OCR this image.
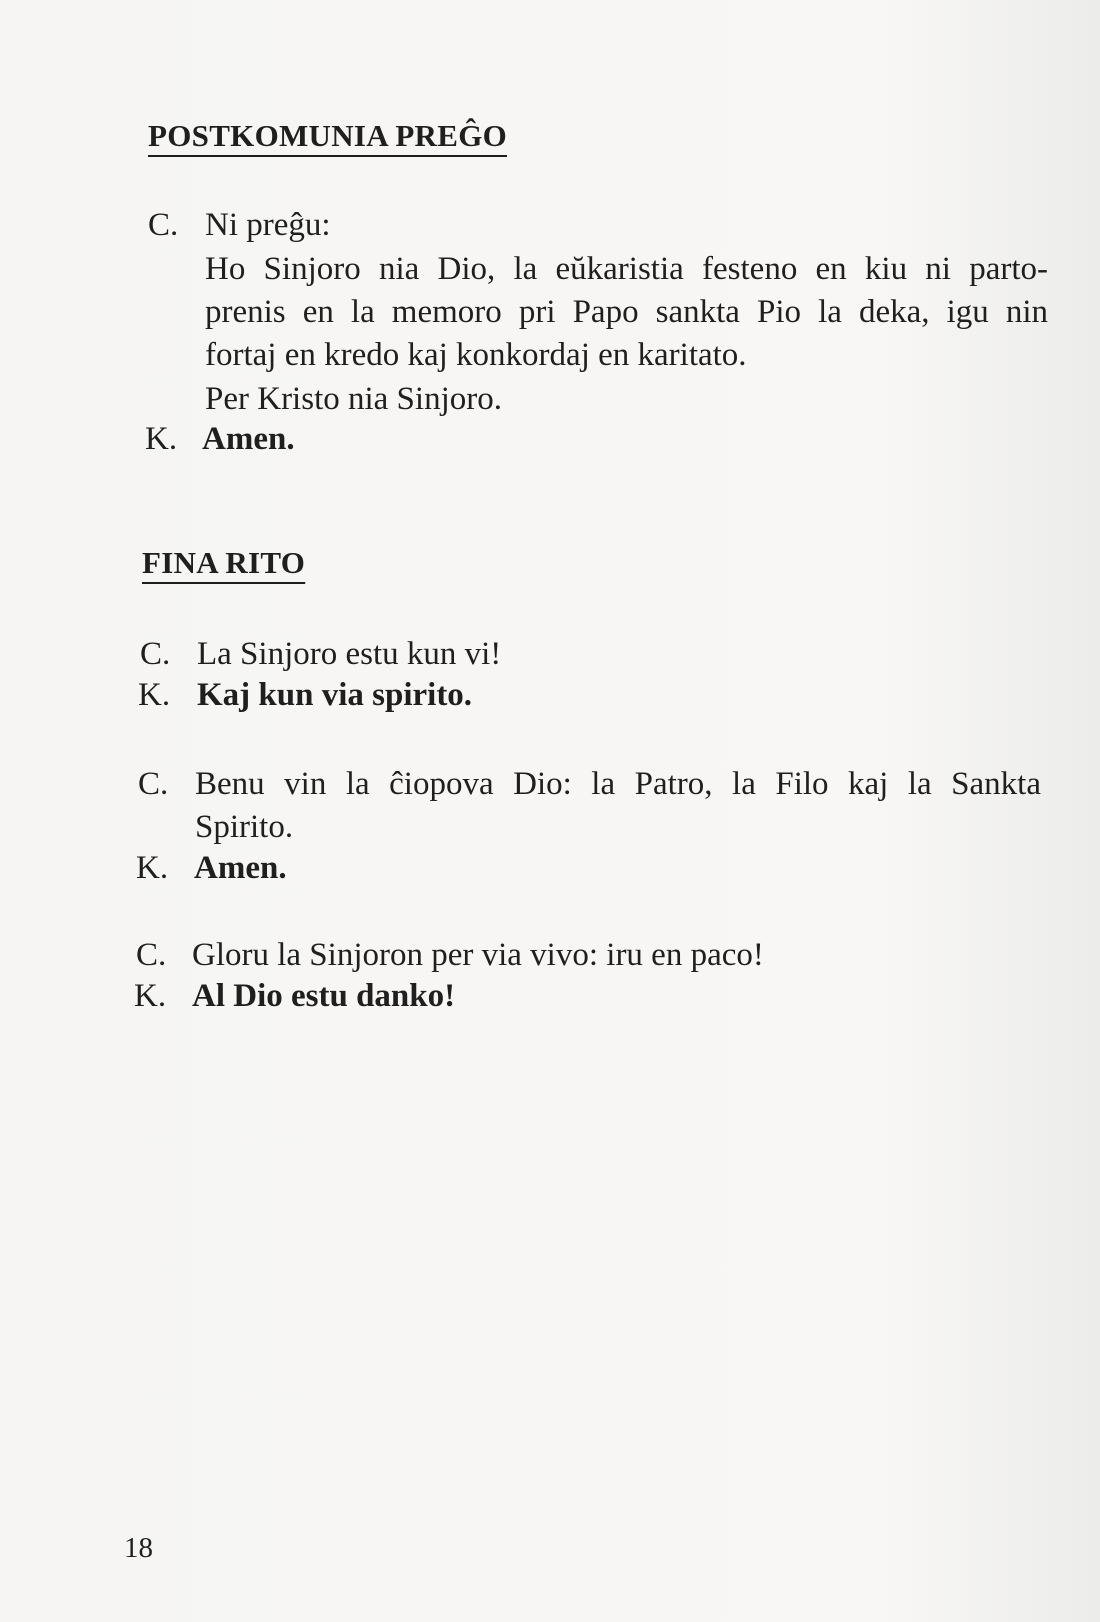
POSTKOMUNIA PREĜO
C. Ni preĝu:
Ho Sinjoro nia Dio, la eŭkaristia festeno en kiu ni parto-
prenis en la memoro pri Papo sankta Pio la deka, igu nin
fortaj en kredo kaj konkordaj en karitato.
Per Kristo nia Sinjoro.
K. Amen.
FINA RITO
C. La Sinjoro estu kun vi!
K. Kaj kun via spirito.
C. Benu vin la ĉiopova Dio: la Patro, la Filo kaj la Sankta
Spirito.
K. Amen.
C. Gloru la Sinjoron per via vivo: iru en paco!
K. Al Dio estu danko!
18
